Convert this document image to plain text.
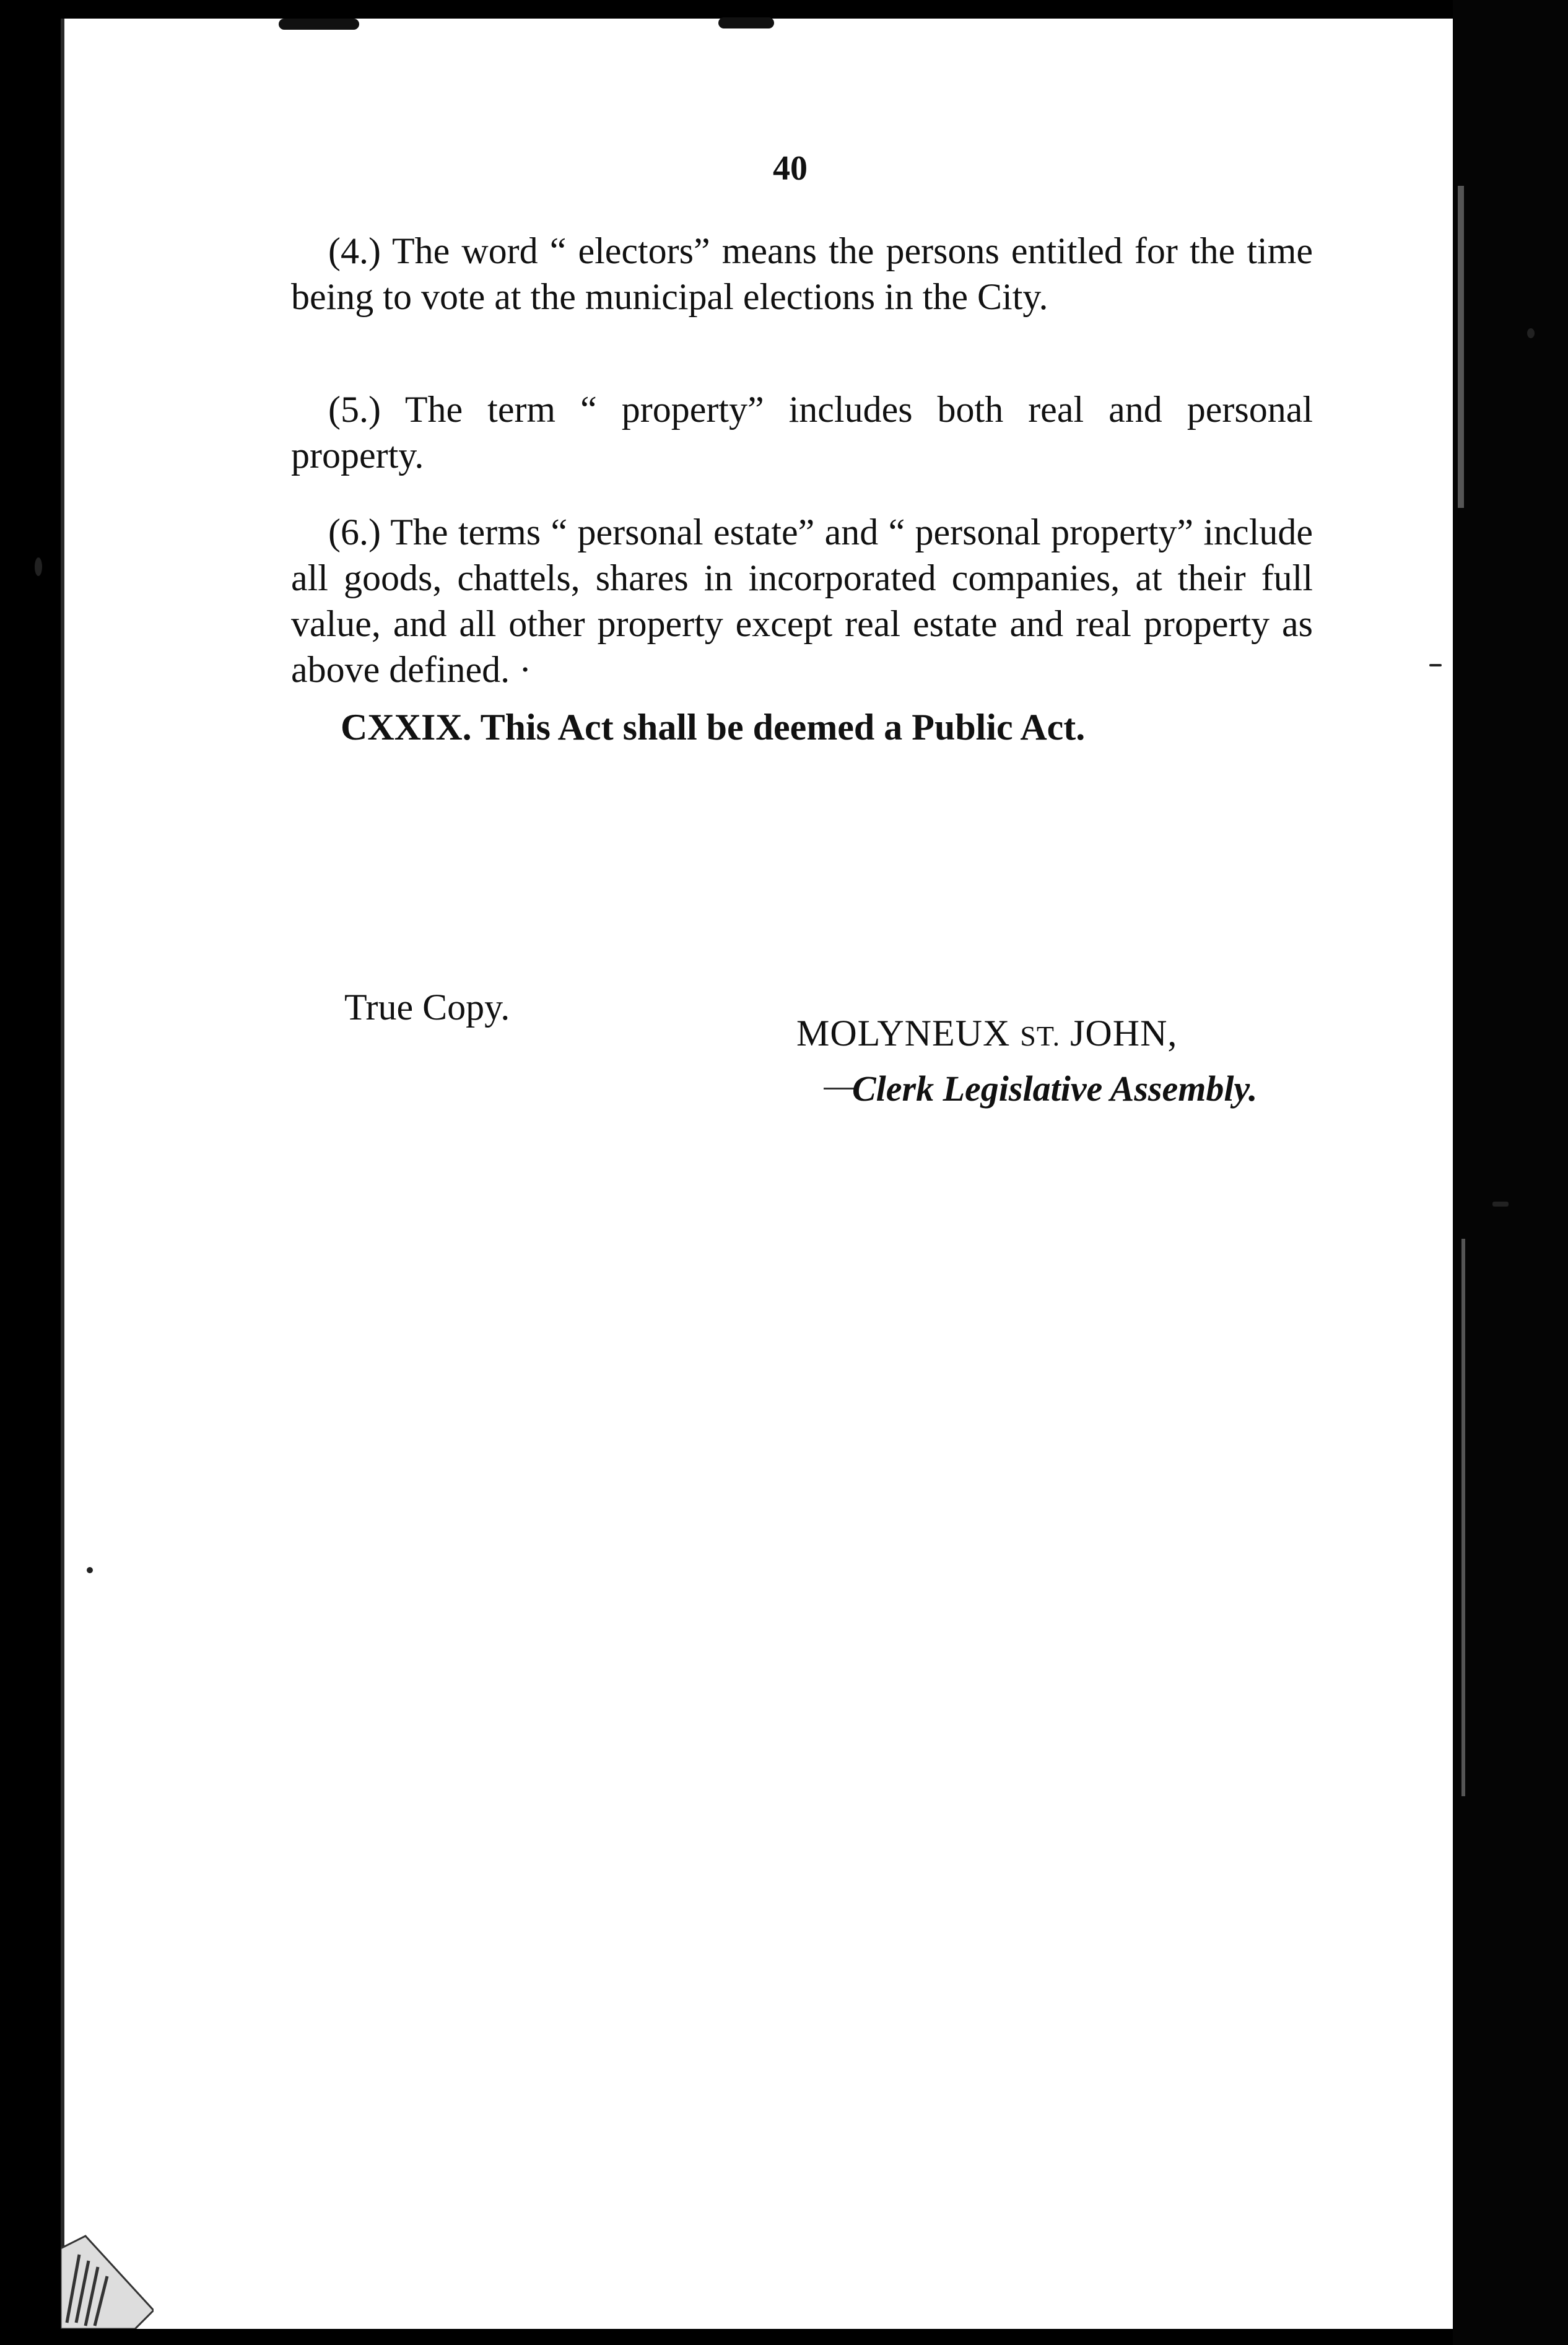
40

(4.) The word “ electors” means the persons entitled for the time being to vote at the municipal elections in the City.

(5.) The term “ property” includes both real and personal property.

(6.) The terms “ personal estate” and “ personal property” include all goods, chattels, shares in incorporated companies, at their full value, and all other property except real estate and real property as above defined. ·

CXXIX. This Act shall be deemed a Public Act.
True Copy.
MOLYNEUX ST. JOHN,
Clerk Legislative Assembly.
